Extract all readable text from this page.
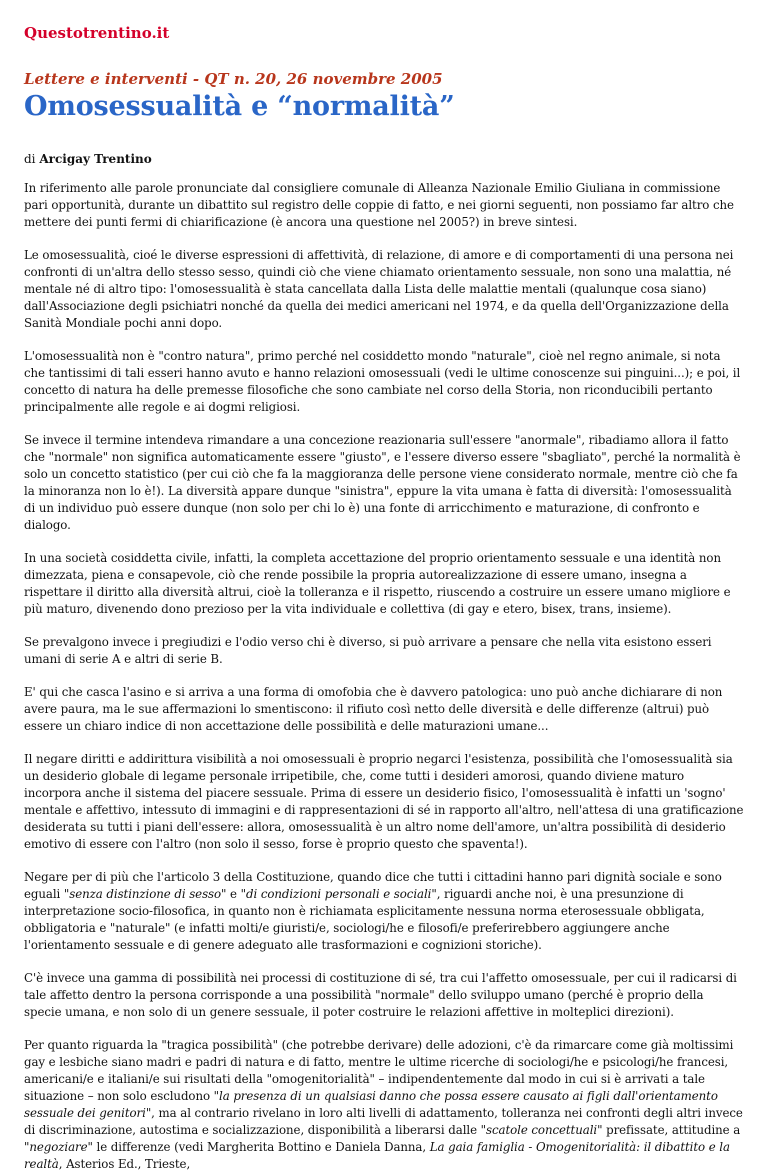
Questotrentino.it
Lettere e interventi - QT n. 20, 26 novembre 2005
Omosessualità e “normalità”
di Arcigay Trentino

In riferimento alle parole pronunciate dal consigliere comunale di Alleanza Nazionale Emilio Giuliana in commissione pari opportunità, durante un dibattito sul registro delle coppie di fatto, e nei giorni seguenti, non possiamo far altro che mettere dei punti fermi di chiarificazione (è ancora una questione nel 2005?) in breve sintesi.

Le omosessualità, cioé le diverse espressioni di affettività, di relazione, di amore e di comportamenti di una persona nei confronti di un'altra dello stesso sesso, quindi ciò che viene chiamato orientamento sessuale, non sono una malattia, né mentale né di altro tipo: l'omosessualità è stata cancellata dalla Lista delle malattie mentali (qualunque cosa siano) dall'Associazione degli psichiatri nonché da quella dei medici americani nel 1974, e da quella dell'Organizzazione della Sanità Mondiale pochi anni dopo.

L'omosessualità non è "contro natura", primo perché nel cosiddetto mondo "naturale", cioè nel regno animale, si nota che tantissimi di tali esseri hanno avuto e hanno relazioni omosessuali (vedi le ultime conoscenze sui pinguini...); e poi, il concetto di natura ha delle premesse filosofiche che sono cambiate nel corso della Storia, non riconducibili pertanto principalmente alle regole e ai dogmi religiosi.

Se invece il termine intendeva rimandare a una concezione reazionaria sull'essere "anormale", ribadiamo allora il fatto che "normale" non significa automaticamente essere "giusto", e l'essere diverso essere "sbagliato", perché la normalità è solo un concetto statistico (per cui ciò che fa la maggioranza delle persone viene considerato normale, mentre ciò che fa la minoranza non lo è!). La diversità appare dunque "sinistra", eppure la vita umana è fatta di diversità: l'omosessualità di un individuo può essere dunque (non solo per chi lo è) una fonte di arricchimento e maturazione, di confronto e dialogo.

In una società cosiddetta civile, infatti, la completa accettazione del proprio orientamento sessuale e una identità non dimezzata, piena e consapevole, ciò che rende possibile la propria autorealizzazione di essere umano, insegna a rispettare il diritto alla diversità altrui, cioè la tolleranza e il rispetto, riuscendo a costruire un essere umano migliore e più maturo, divenendo dono prezioso per la vita individuale e collettiva (di gay e etero, bisex, trans, insieme).

Se prevalgono invece i pregiudizi e l'odio verso chi è diverso, si può arrivare a pensare che nella vita esistono esseri umani di serie A e altri di serie B.

E' qui che casca l'asino e si arriva a una forma di omofobia che è davvero patologica: uno può anche dichiarare di non avere paura, ma le sue affermazioni lo smentiscono: il rifiuto così netto delle diversità e delle differenze (altrui) può essere un chiaro indice di non accettazione delle possibilità e delle maturazioni umane...

Il negare diritti e addirittura visibilità a noi omosessuali è proprio negarci l'esistenza, possibilità che l'omosessualità sia un desiderio globale di legame personale irripetibile, che, come tutti i desideri amorosi, quando diviene maturo incorpora anche il sistema del piacere sessuale. Prima di essere un desiderio fisico, l'omosessualità è infatti un 'sogno' mentale e affettivo, intessuto di immagini e di rappresentazioni di sé in rapporto all'altro, nell'attesa di una gratificazione desiderata su tutti i piani dell'essere: allora, omosessualità è un altro nome dell'amore, un'altra possibilità di desiderio emotivo di essere con l'altro (non solo il sesso, forse è proprio questo che spaventa!).

Negare per di più che l'articolo 3 della Costituzione, quando dice che tutti i cittadini hanno pari dignità sociale e sono eguali "senza distinzione di sesso" e "di condizioni personali e sociali", riguardi anche noi, è una presunzione di interpretazione socio-filosofica, in quanto non è richiamata esplicitamente nessuna norma eterosessuale obbligata, obbligatoria e "naturale" (e infatti molti/e giuristi/e, sociologi/he e filosofi/e preferirebbero aggiungere anche l'orientamento sessuale e di genere adeguato alle trasformazioni e cognizioni storiche).

C'è invece una gamma di possibilità nei processi di costituzione di sé, tra cui l'affetto omosessuale, per cui il radicarsi di tale affetto dentro la persona corrisponde a una possibilità "normale" dello sviluppo umano (perché è proprio della specie umana, e non solo di un genere sessuale, il poter costruire le relazioni affettive in molteplici direzioni).

Per quanto riguarda la "tragica possibilità" (che potrebbe derivare) delle adozioni, c'è da rimarcare come già moltissimi gay e lesbiche siano madri e padri di natura e di fatto, mentre le ultime ricerche di sociologi/he e psicologi/he francesi, americani/e e italiani/e sui risultati della "omogenitorialità" – indipendentemente dal modo in cui si è arrivati a tale situazione – non solo escludono "la presenza di un qualsiasi danno che possa essere causato ai figli dall'orientamento sessuale dei genitori", ma al contrario rivelano in loro alti livelli di adattamento, tolleranza nei confronti degli altri invece di discriminazione, autostima e socializzazione, disponibilità a liberarsi dalle "scatole concettuali" prefissate, attitudine a "negoziare" le differenze (vedi Margherita Bottino e Daniela Danna, La gaia famiglia - Omogenitorialità: il dibattito e la realtà, Asterios Ed., Trieste,
